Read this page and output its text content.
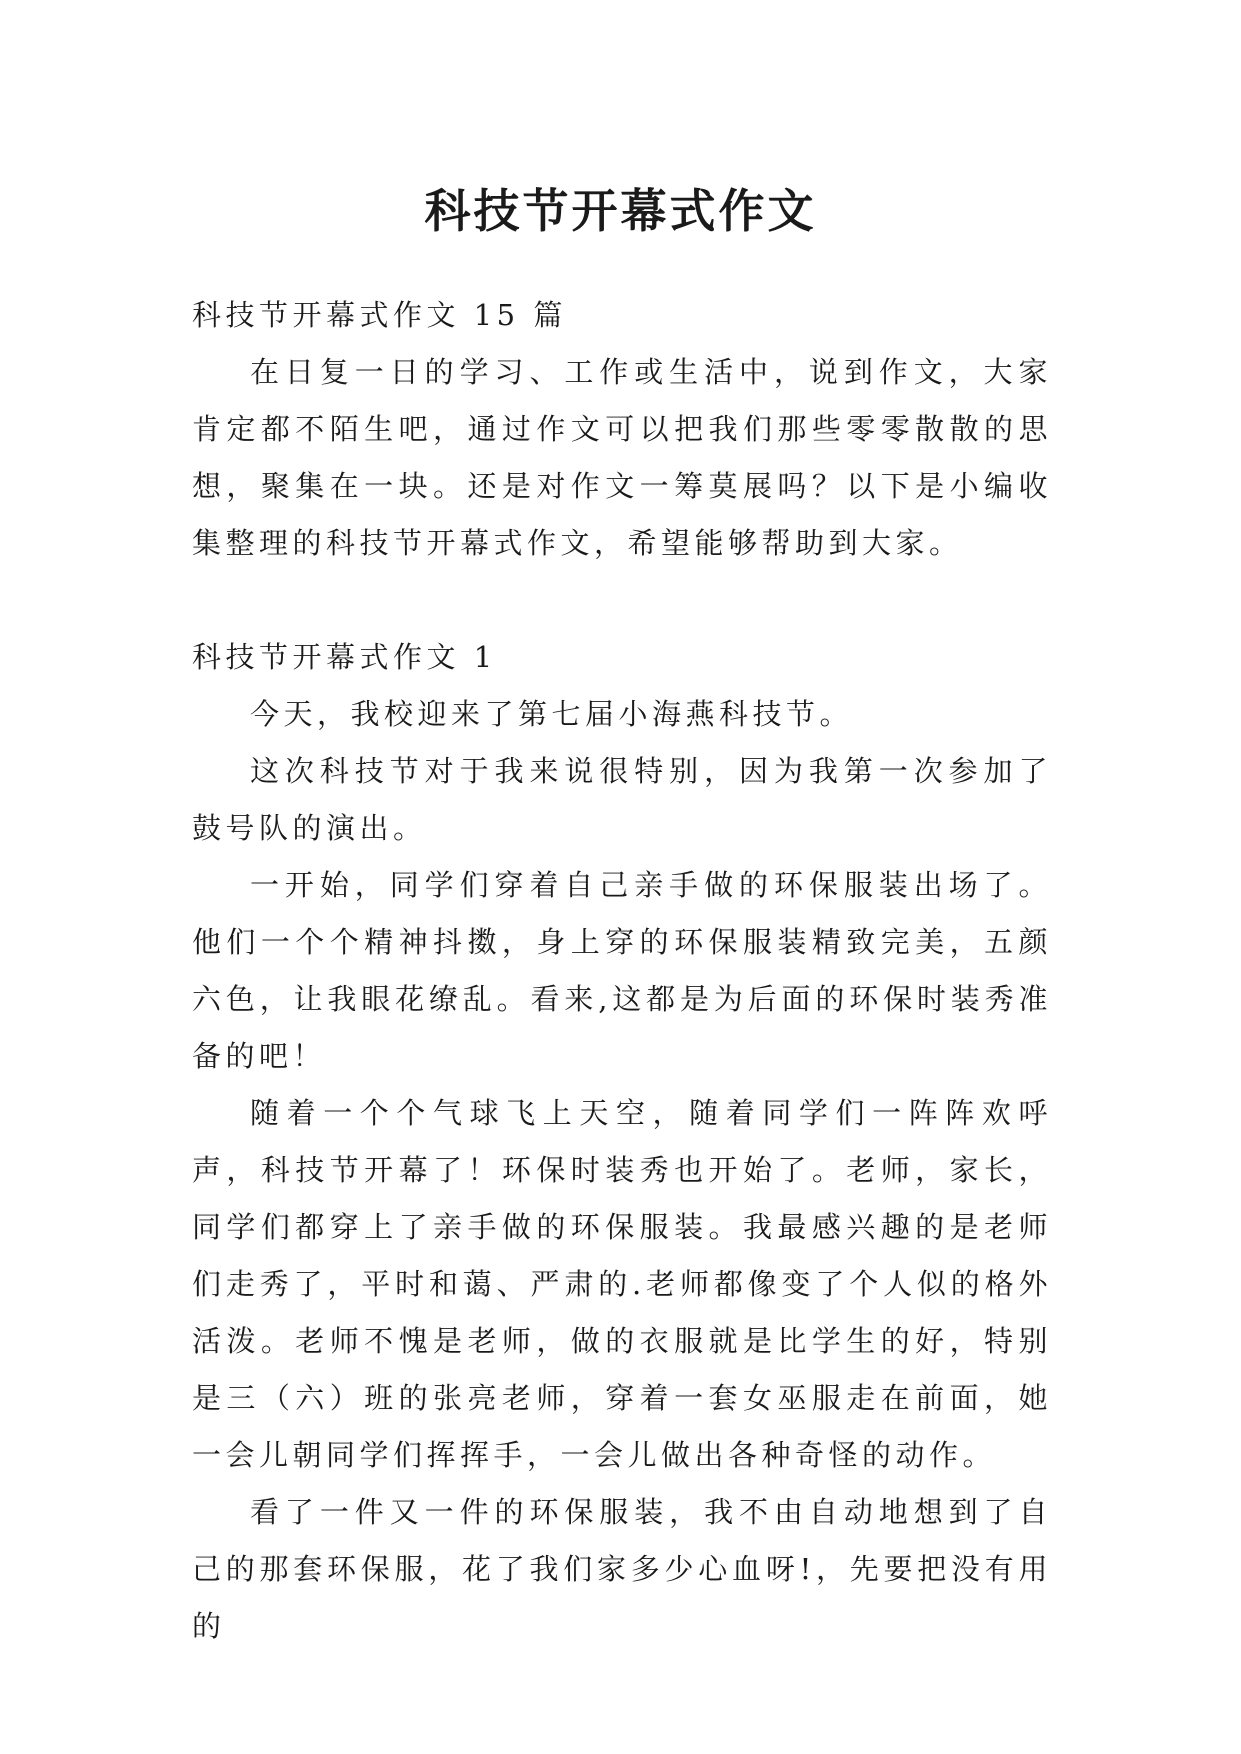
科技节开幕式作文

科技节开幕式作文 15 篇

在日复一日的学习、工作或生活中，说到作文，大家肯定都不陌生吧，通过作文可以把我们那些零零散散的思想，聚集在一块。还是对作文一筹莫展吗？以下是小编收集整理的科技节开幕式作文，希望能够帮助到大家。

科技节开幕式作文 1

今天，我校迎来了第七届小海燕科技节。

这次科技节对于我来说很特别，因为我第一次参加了鼓号队的演出。

一开始，同学们穿着自己亲手做的环保服装出场了。他们一个个精神抖擞，身上穿的环保服装精致完美，五颜六色，让我眼花缭乱。看来,这都是为后面的环保时装秀准备的吧！

随着一个个气球飞上天空，随着同学们一阵阵欢呼声，科技节开幕了！环保时装秀也开始了。老师，家长，同学们都穿上了亲手做的环保服装。我最感兴趣的是老师们走秀了，平时和蔼、严肃的.老师都像变了个人似的格外活泼。老师不愧是老师，做的衣服就是比学生的好，特别是三（六）班的张亮老师，穿着一套女巫服走在前面，她一会儿朝同学们挥挥手，一会儿做出各种奇怪的动作。

看了一件又一件的环保服装，我不由自动地想到了自己的那套环保服，花了我们家多少心血呀!，先要把没有用的
